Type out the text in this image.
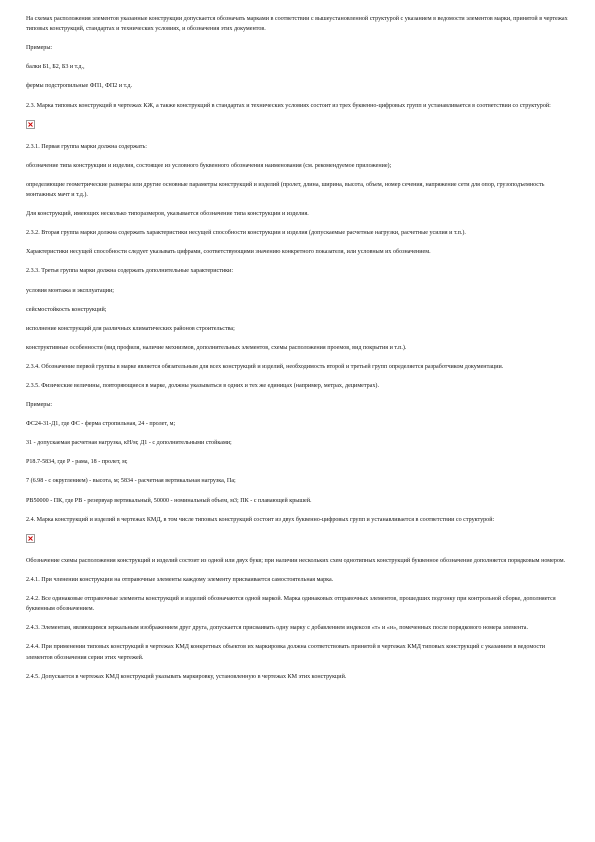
На схемах расположения элементов указанные конструкции допускается обозначать марками в соответствии с вышеустановленной структурой с указанием в ведомости элементов марки, принятой в чертежах типовых конструкций, стандартах и технических условиях, и обозначения этих документов.

Примеры:

балки Б1, Б2, Б3 и т.д.,

фермы подстропильные ФП1, ФП2 и т.д.

2.3. Марка типовых конструкций в чертежах КЖ, а также конструкций в стандартах и технических условиях состоит из трех буквенно-цифровых групп и устанавливается в соответствии со структурой:

2.3.1. Первая группа марки должна содержать:

обозначение типа конструкции и изделия, состоящее из условного буквенного обозначения наименования (см. рекомендуемое приложение);

определяющие геометрические размеры или другие основные параметры конструкций и изделий (пролет, длина, ширина, высота, объем, номер сечения, напряжение сети для опор, грузоподъемность монтажных мачт и т.д.).

Для конструкций, имеющих несколько типоразмеров, указывается обозначение типа конструкции и изделия.

2.3.2. Вторая группа марки должна содержать характеристики несущей способности конструкции и изделия (допускаемые расчетные нагрузки, расчетные усилия и т.п.).

Характеристики несущей способности следует указывать цифрами, соответствующими значению конкретного показателя, или условным их обозначением.

2.3.3. Третья группа марки должна содержать дополнительные характеристики:

условия монтажа и эксплуатации;

сейсмостойкость конструкций;

исполнение конструкций для различных климатических районов строительства;

конструктивные особенности (вид профиля, наличие мехнизмов, дополнительных элементов, схемы расположения проемов, вид покрытия и т.п.).

2.3.4. Обозначение первой группы в марке является обязательным для всех конструкций и изделий, необходимость второй и третьей групп определяется разработчиком документации.

2.3.5. Физические величины, повторяющиеся в марке, должны указываться в одних и тех же единицах (например, метрах, дециметрах).

Примеры:

ФС24-31-Д1, где ФС - ферма стропильная, 24 - пролет, м;

31 - допускаемая расчетная нагрузка, кН/м; Д1 - с дополнительными стойками;

Р18.7-5834, где Р - рама, 18 - пролет, м;

7 (6.98 - с округлением) - высота, м; 5834 - расчетная вертикальная нагрузка, Па;

РВ50000 - ПК, где РВ - резервуар вертикальный, 50000 - номинальный объем, м3; ПК - с плавающей крышей.

2.4. Марка конструкций и изделий в чертежах КМД, в том числе типовых конструкций состоит из двух буквенно-цифровых групп и устанавливается в соответствии со структурой:

Обозначение схемы расположения конструкций и изделий состоит из одной или двух букв; при наличии нескольких схем однотипных конструкций буквенное обозначение дополняется порядковым номером.

2.4.1. При членении конструкции на отправочные элементы каждому элементу присваивается самостоятельная марка.

2.4.2. Все одинаковые отправочные элементы конструкций и изделий обозначаются одной маркой. Марка одинаковых отправочных элементов, прошедших подгонку при контрольной сборке, дополняется буквенным обозначением.

2.4.3. Элементам, являющимся зеркальным изображением друг друга, допускается присваивать одну марку с добавлением индексов «т» и «н», помеченных после порядкового номера элемента.

2.4.4. При применении типовых конструкций в чертежах КМД конкретных объектов их маркировка должна соответствовать принятой в чертежах КМД типовых конструкций с указанием в ведомости элементов обозначения серии этих чертежей.

2.4.5. Допускается в чертежах КМД конструкций указывать маркировку, установленную в чертежах КМ этих конструкций.
